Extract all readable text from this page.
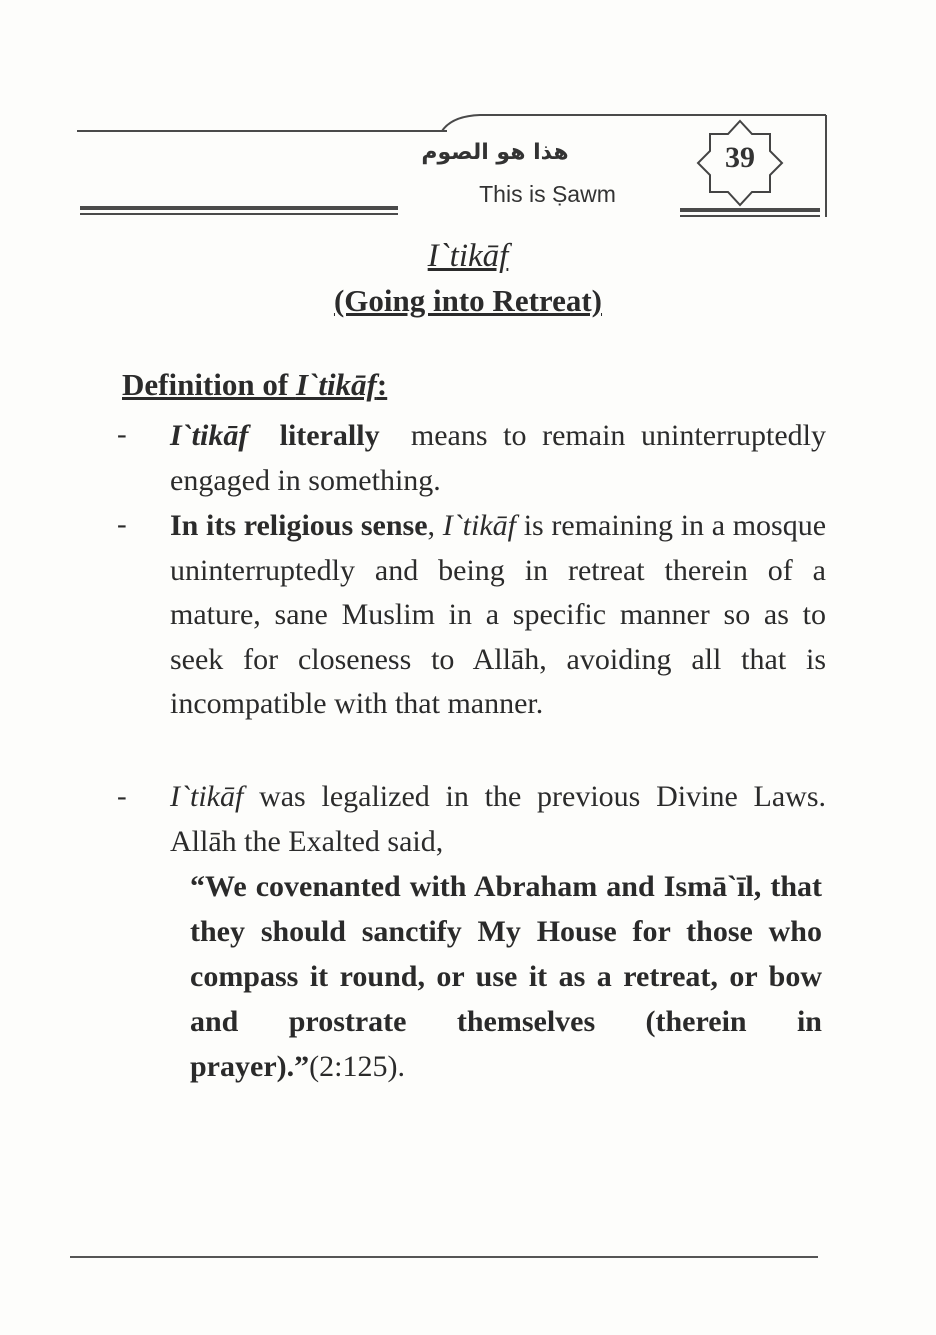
هذا هو الصوم
This is Ṣawm
39
I`tikāf
(Going into Retreat)
Definition of I`tikāf:
- I`tikāf literally means to remain uninterruptedly engaged in something.
- In its religious sense, I`tikāf is remaining in a mosque uninterruptedly and being in retreat therein of a mature, sane Muslim in a specific manner so as to seek for closeness to Allāh, avoiding all that is incompatible with that manner.
- I`tikāf was legalized in the previous Divine Laws. Allāh the Exalted said,
“We covenanted with Abraham and Ismā`īl, that they should sanctify My House for those who compass it round, or use it as a retreat, or bow and prostrate themselves (therein in prayer).”(2:125).
